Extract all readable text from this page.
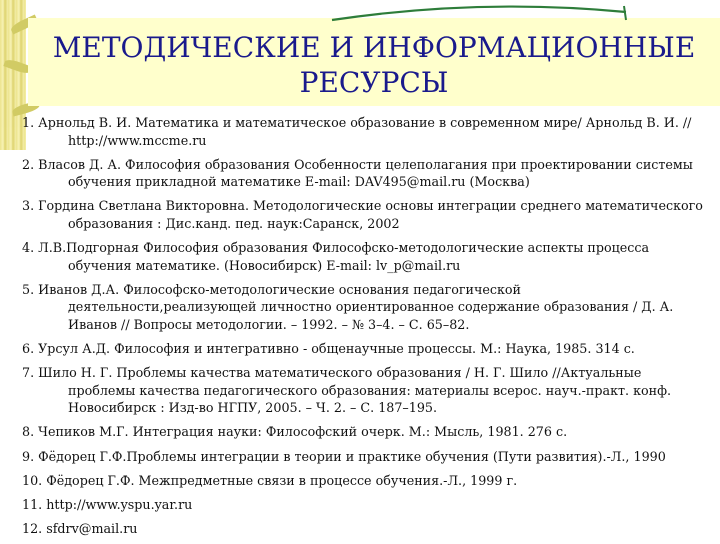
МЕТОДИЧЕСКИЕ И ИНФОРМАЦИОННЫЕ РЕСУРСЫ
1. Арнольд В. И. Математика и математическое образование в современном мире/ Арнольд В. И. // http://www.mccme.ru
2. Власов Д. А. Философия образования Особенности целеполагания при проектировании системы обучения прикладной математике E-mail: DAV495@mail.ru (Москва)
3. Гордина Светлана Викторовна. Методологические основы интеграции среднего математического образования : Дис.канд. пед. наук:Саранск, 2002
4. Л.В.Подгорная Философия образования Философско-методологические аспекты процесса обучения математике. (Новосибирск) E-mail: lv_p@mail.ru
5. Иванов Д.А. Философско-методологические основания педагогической деятельности,реализующей личностно ориентированное содержание образования / Д. А. Иванов // Вопросы методологии. – 1992. – № 3–4. – С. 65–82.
6. Урсул А.Д. Философия и интегративно - общенаучные процессы. М.: Наука, 1985. 314 с.
7. Шило Н. Г. Проблемы качества математического образования / Н. Г. Шило //Актуальные проблемы качества педагогического образования: материалы всерос. науч.-практ. конф. Новосибирск : Изд-во НГПУ, 2005. – Ч. 2. – С. 187–195.
8. Чепиков М.Г. Интеграция науки: Философский очерк. М.: Мысль, 1981. 276 с.
9. Фёдорец Г.Ф.Проблемы интеграции в теории и практике обучения (Пути развития).-Л., 1990
10. Фёдорец Г.Ф. Межпредметные связи в процессе обучения.-Л., 1999 г.
11. http://www.yspu.yar.ru
12. sfdrv@mail.ru
